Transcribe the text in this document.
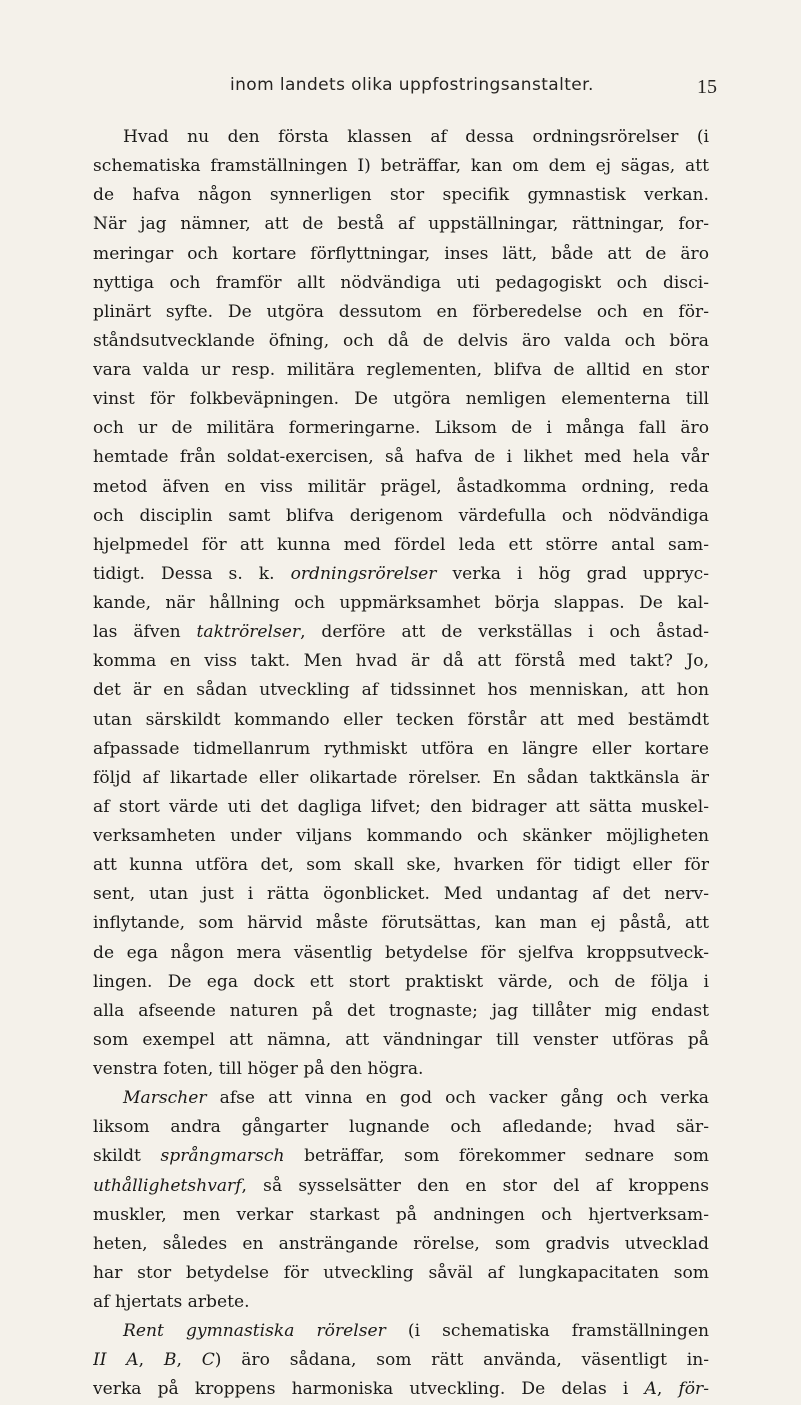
inom landets olika uppfostringsanstalter.	15
Hvad nu den första klassen af dessa ordningsrörelser (i
schematiska framställningen I) beträffar, kan om dem ej sägas, att
de hafva någon synnerligen stor specifik gymnastisk verkan.
När jag nämner, att de bestå af uppställningar, rättningar, for-
meringar och kortare förflyttningar, inses lätt, både att de äro
nyttiga och framför allt nödvändiga uti pedagogiskt och disci-
plinärt syfte. De utgöra dessutom en förberedelse och en för-
ståndsutvecklande öfning, och då de delvis äro valda och böra
vara valda ur resp. militära reglementen, blifva de alltid en stor
vinst för folkbeväpningen. De utgöra nemligen elementerna till
och ur de militära formeringarne. Liksom de i många fall äro
hemtade från soldat-exercisen, så hafva de i likhet med hela vår
metod äfven en viss militär prägel, åstadkomma ordning, reda
och disciplin samt blifva derigenom värdefulla och nödvändiga
hjelpmedel för att kunna med fördel leda ett större antal sam-
tidigt. Dessa s. k. ordningsrörelser verka i hög grad uppryc-
kande, när hållning och uppmärksamhet börja slappas. De kal-
las äfven taktrörelser, derföre att de verkställas i och åstad-
komma en viss takt. Men hvad är då att förstå med takt? Jo,
det är en sådan utveckling af tidssinnet hos menniskan, att hon
utan särskildt kommando eller tecken förstår att med bestämdt
afpassade tidmellanrum rythmiskt utföra en längre eller kortare
följd af likartade eller olikartade rörelser. En sådan taktkänsla är
af stort värde uti det dagliga lifvet; den bidrager att sätta muskel-
verksamheten under viljans kommando och skänker möjligheten
att kunna utföra det, som skall ske, hvarken för tidigt eller för
sent, utan just i rätta ögonblicket. Med undantag af det nerv-
inflytande, som härvid måste förutsättas, kan man ej påstå, att
de ega någon mera väsentlig betydelse för sjelfva kroppsutveck-
lingen. De ega dock ett stort praktiskt värde, och de följa i
alla afseende naturen på det trognaste; jag tillåter mig endast
som exempel att nämna, att vändningar till venster utföras på
venstra foten, till höger på den högra.
Marscher afse att vinna en god och vacker gång och verka
liksom andra gångarter lugnande och afledande; hvad sär-
skildt språngmarsch beträffar, som förekommer sednare som
uthållighetshvarf, så sysselsätter den en stor del af kroppens
muskler, men verkar starkast på andningen och hjertverksam-
heten, således en ansträngande rörelse, som gradvis utvecklad
har stor betydelse för utveckling såväl af lungkapacitaten som
af hjertats arbete.
Rent gymnastiska rörelser (i schematiska framställningen
II A, B, C) äro sådana, som rätt använda, väsentligt in-
verka på kroppens harmoniska utveckling. De delas i A, för-
